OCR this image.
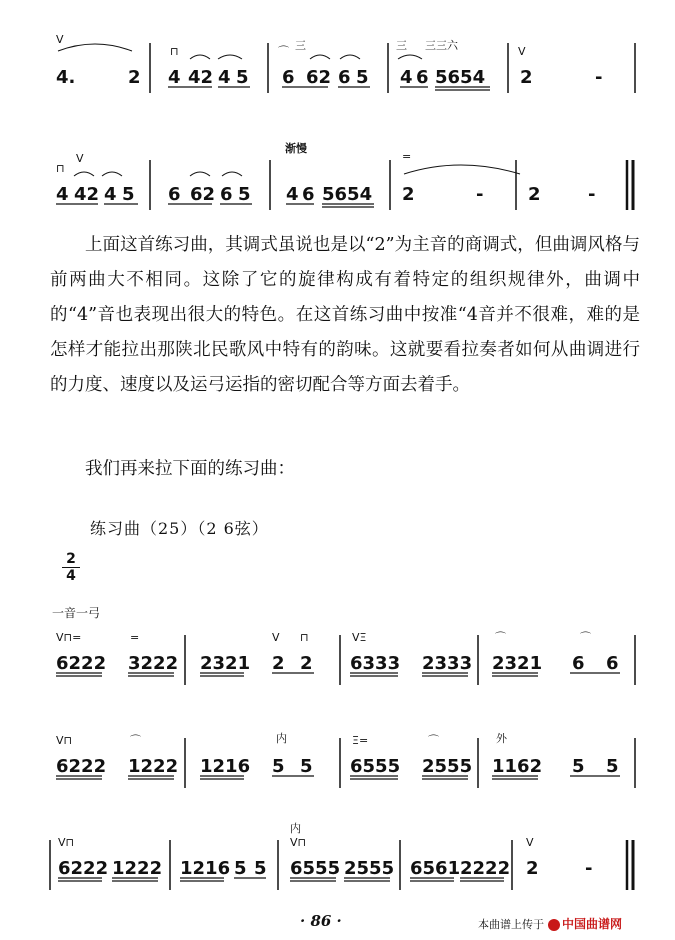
V
⊓	⌒ 三	三 三三六	V
4.	2 4 42 4 5 6 62 6 5 4 6 5654 2	-
渐慢
⊓
V	=
4 42 4 5 6 62 6 5 4 6 5654 2	- 2	-

上面这首练习曲，其调式虽说也是以“2”为主音的商调式，但曲调风格与前两曲大不相同。这除了它的旋律构成有着特定的组织规律外，曲调中的“4”音也表现出很大的特色。在这首练习曲中按准“4音并不很难，难的是怎样才能拉出那陕北民歌风中特有的韵味。这就要看拉奏者如何从曲调进行的力度、速度以及运弓运指的密切配合等方面去着手。

我们再来拉下面的练习曲：

练习曲（25）（2 6弦）
2
4
一音一弓
V⊓=	=	V ⊓	VΞ	⌒
⌒
6222 3222 2321 2 2 6333 2333 2321 6 6
V⊓	⌒	内	Ξ=	⌒	外
6222 1222 1216 5 5 6555 2555 1162 5 5
V⊓
内
V⊓	V
6222 1222 1216 5 5 6555 2555 6561 2222 2	-
· 86 ·	本曲谱上传于	中国曲谱网
